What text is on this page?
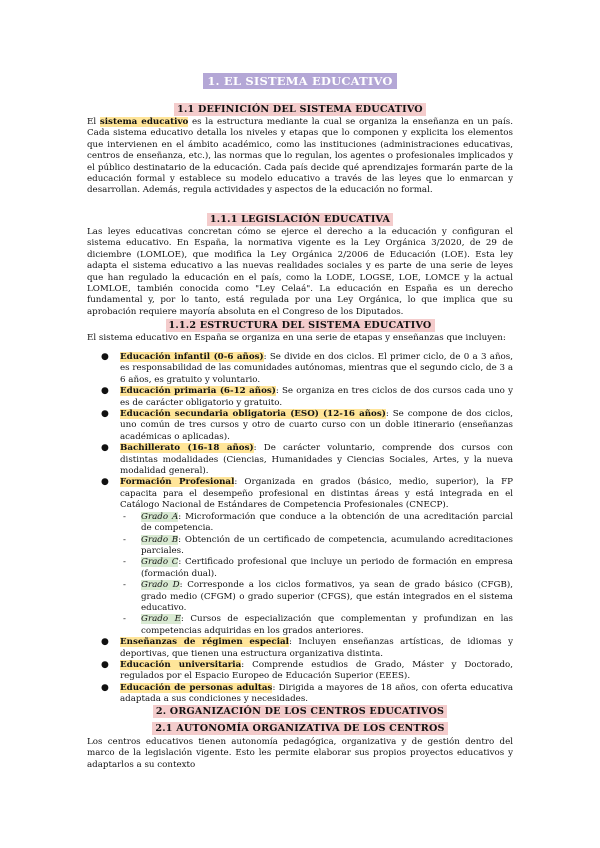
1. EL SISTEMA EDUCATIVO
1.1 DEFINICIÓN DEL SISTEMA EDUCATIVO

El sistema educativo es la estructura mediante la cual se organiza la enseñanza en un país. Cada sistema educativo detalla los niveles y etapas que lo componen y explicita los elementos que intervienen en el ámbito académico, como las instituciones (administraciones educativas, centros de enseñanza, etc.), las normas que lo regulan, los agentes o profesionales implicados y el público destinatario de la educación. Cada país decide qué aprendizajes formarán parte de la educación formal y establece su modelo educativo a través de las leyes que lo enmarcan y desarrollan. Además, regula actividades y aspectos de la educación no formal.

1.1.1 LEGISLACIÓN EDUCATIVA

Las leyes educativas concretan cómo se ejerce el derecho a la educación y configuran el sistema educativo. En España, la normativa vigente es la Ley Orgánica 3/2020, de 29 de diciembre (LOMLOE), que modifica la Ley Orgánica 2/2006 de Educación (LOE). Esta ley adapta el sistema educativo a las nuevas realidades sociales y es parte de una serie de leyes que han regulado la educación en el país, como la LODE, LOGSE, LOE, LOMCE y la actual LOMLOE, también conocida como "Ley Celaá". La educación en España es un derecho fundamental y, por lo tanto, está regulada por una Ley Orgánica, lo que implica que su aprobación requiere mayoría absoluta en el Congreso de los Diputados.

1.1.2 ESTRUCTURA DEL SISTEMA EDUCATIVO

El sistema educativo en España se organiza en una serie de etapas y enseñanzas que incluyen:

● Educación infantil (0-6 años): Se divide en dos ciclos. El primer ciclo, de 0 a 3 años, es responsabilidad de las comunidades autónomas, mientras que el segundo ciclo, de 3 a 6 años, es gratuito y voluntario.
● Educación primaria (6-12 años): Se organiza en tres ciclos de dos cursos cada uno y es de carácter obligatorio y gratuito.
● Educación secundaria obligatoria (ESO) (12-16 años): Se compone de dos ciclos, uno común de tres cursos y otro de cuarto curso con un doble itinerario (enseñanzas académicas o aplicadas).
● Bachillerato (16-18 años): De carácter voluntario, comprende dos cursos con distintas modalidades (Ciencias, Humanidades y Ciencias Sociales, Artes, y la nueva modalidad general).
● Formación Profesional: Organizada en grados (básico, medio, superior), la FP capacita para el desempeño profesional en distintas áreas y está integrada en el Catálogo Nacional de Estándares de Competencia Profesionales (CNECP).
- Grado A: Microformación que conduce a la obtención de una acreditación parcial de competencia.
- Grado B: Obtención de un certificado de competencia, acumulando acreditaciones parciales.
- Grado C: Certificado profesional que incluye un periodo de formación en empresa (formación dual).
- Grado D: Corresponde a los ciclos formativos, ya sean de grado básico (CFGB), grado medio (CFGM) o grado superior (CFGS), que están integrados en el sistema educativo.
- Grado E: Cursos de especialización que complementan y profundizan en las competencias adquiridas en los grados anteriores.
● Enseñanzas de régimen especial: Incluyen enseñanzas artísticas, de idiomas y deportivas, que tienen una estructura organizativa distinta.
● Educación universitaria: Comprende estudios de Grado, Máster y Doctorado, regulados por el Espacio Europeo de Educación Superior (EEES).
● Educación de personas adultas: Dirigida a mayores de 18 años, con oferta educativa adaptada a sus condiciones y necesidades.
2. ORGANIZACIÓN DE LOS CENTROS EDUCATIVOS
2.1 AUTONOMÍA ORGANIZATIVA DE LOS CENTROS

Los centros educativos tienen autonomía pedagógica, organizativa y de gestión dentro del marco de la legislación vigente. Esto les permite elaborar sus propios proyectos educativos y adaptarlos a su contexto
